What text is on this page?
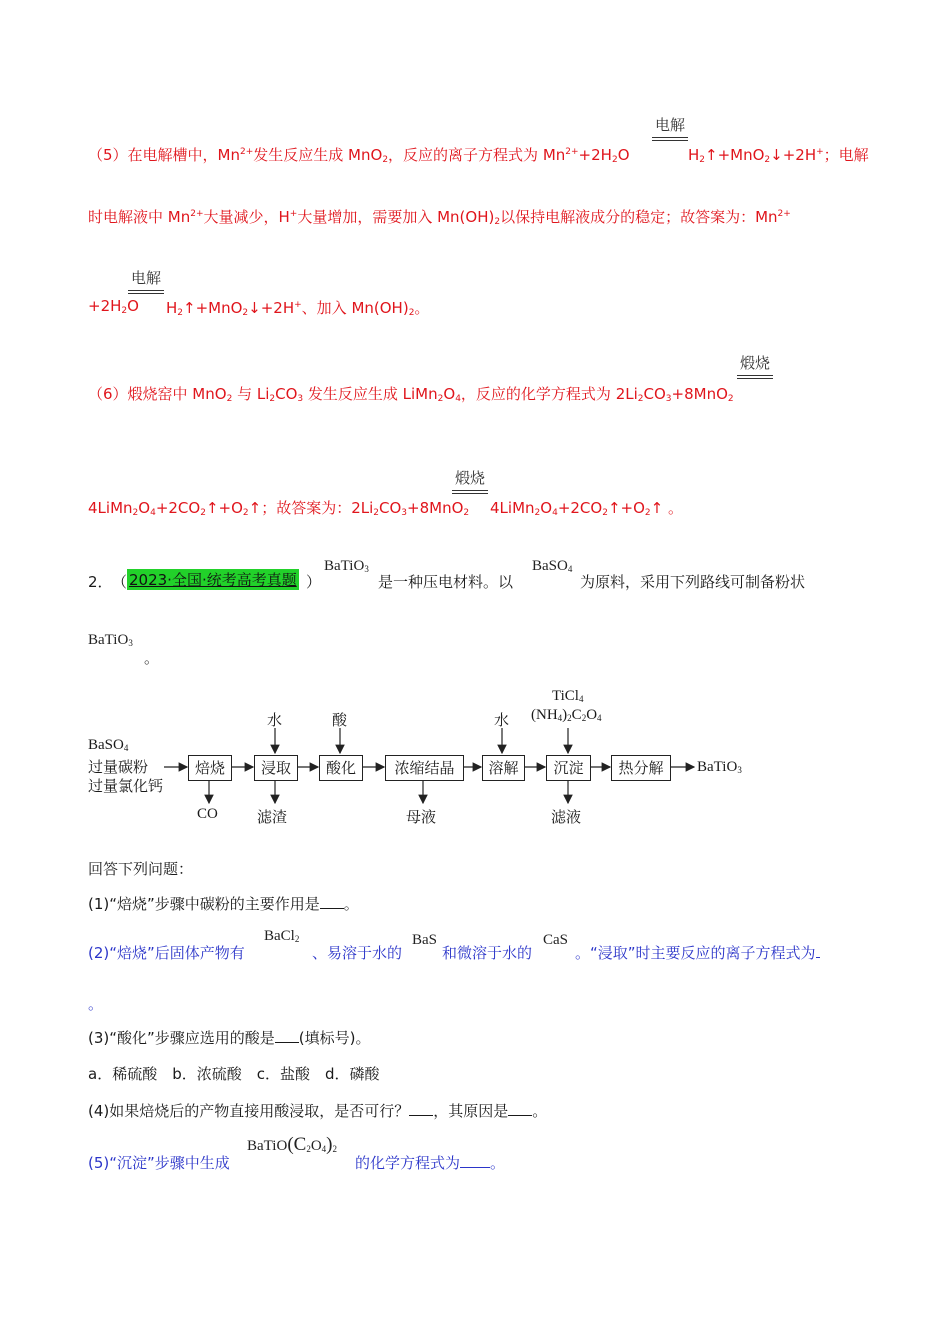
（5）在电解槽中，$Mn^{2+}$发生反应生成 MnO$_2$，反应的离子方程式为 $Mn^{2+}+2H_2O$
电解
$H_2↑+MnO_2↓+2H^+$；电解
时电解液中 $Mn^{2+}$大量减少，H+大量增加，需要加入 $Mn(OH)_2$以保持电解液成分的稳定；故答案为：$Mn^{2+}$
电解
$+2H_2O$ $H_2↑+MnO_2↓+2H^+$、加入 $Mn(OH)_2$。
煅烧
（6）煅烧窑中 MnO$_2$ 与 $Li_2CO_3$ 发生反应生成 $LiMn_2O_4$，反应的化学方程式为 $2Li_2CO_3+8MnO_2$
煅烧
$4LiMn_2O_4+2CO_2↑+O_2↑$；故答案为：$2Li_2CO_3+8MnO_2$ $4LiMn_2O_4+2CO_2↑+O_2↑$ 。
2． （ 2023·全国·统考高考真题 ）
BaTiO$_3$
是一种压电材料。以
BaSO$_4$
为原料，采用下列路线可制备粉状
BaTiO$_3$
。
BaSO$_4$
过量碳粉
过量氯化钙
焙烧	浸取	酸化	浓缩结晶	溶解	沉淀	热分解	BaTiO$_3$
水	酸	水
TiCl$_4$
$(NH_4)_2C_2O_4$
CO	滤渣	母液	滤液
回答下列问题：
(1)“焙烧”步骤中碳粉的主要作用是 。
(2)“焙烧”后固体产物有
BaCl$_2$
、易溶于水的
BaS
和微溶于水的
CaS
。“浸取”时主要反应的离子方程式为
。
(3)“酸化”步骤应选用的酸是 (填标号)。
a．稀硫酸　b．浓硫酸　c．盐酸　d．磷酸
(4)如果焙烧后的产物直接用酸浸取，是否可行？ ，其原因是 。
(5)“沉淀”步骤中生成
$BaTiO(C_2O_4)_2$
的化学方程式为 。
